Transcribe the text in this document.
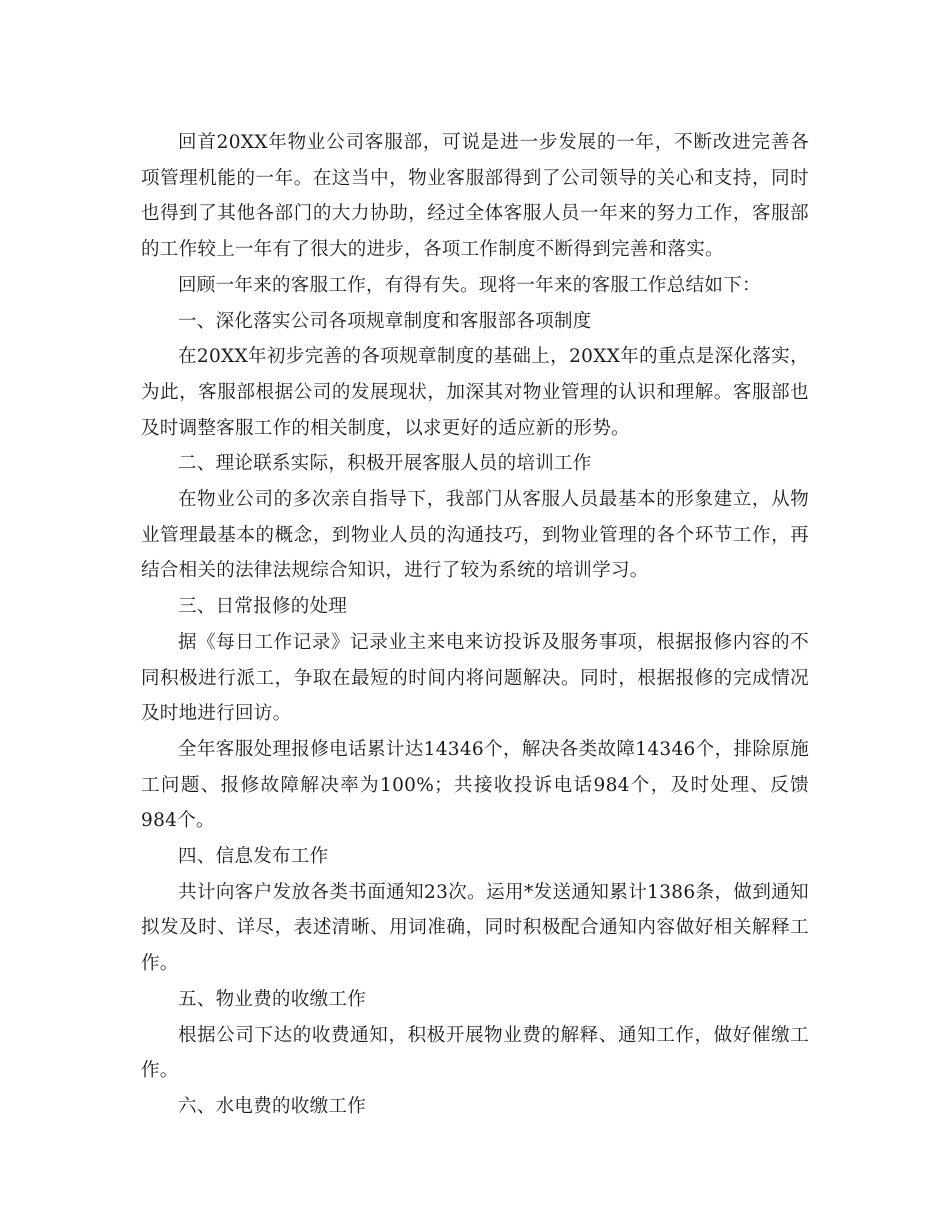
回首20XX年物业公司客服部，可说是进一步发展的一年，不断改进完善各项管理机能的一年。在这当中，物业客服部得到了公司领导的关心和支持，同时也得到了其他各部门的大力协助，经过全体客服人员一年来的努力工作，客服部的工作较上一年有了很大的进步，各项工作制度不断得到完善和落实。

回顾一年来的客服工作，有得有失。现将一年来的客服工作总结如下：

一、深化落实公司各项规章制度和客服部各项制度

在20XX年初步完善的各项规章制度的基础上，20XX年的重点是深化落实，为此，客服部根据公司的发展现状，加深其对物业管理的认识和理解。客服部也及时调整客服工作的相关制度，以求更好的适应新的形势。

二、理论联系实际，积极开展客服人员的培训工作

在物业公司的多次亲自指导下，我部门从客服人员最基本的形象建立，从物业管理最基本的概念，到物业人员的沟通技巧，到物业管理的各个环节工作，再结合相关的法律法规综合知识，进行了较为系统的培训学习。

三、日常报修的处理

据《每日工作记录》记录业主来电来访投诉及服务事项，根据报修内容的不同积极进行派工，争取在最短的时间内将问题解决。同时，根据报修的完成情况及时地进行回访。

全年客服处理报修电话累计达14346个，解决各类故障14346个，排除原施工问题、报修故障解决率为100%；共接收投诉电话984个，及时处理、反馈984个。

四、信息发布工作

共计向客户发放各类书面通知23次。运用*发送通知累计1386条，做到通知拟发及时、详尽，表述清晰、用词准确，同时积极配合通知内容做好相关解释工作。

五、物业费的收缴工作

根据公司下达的收费通知，积极开展物业费的解释、通知工作，做好催缴工作。

六、水电费的收缴工作
